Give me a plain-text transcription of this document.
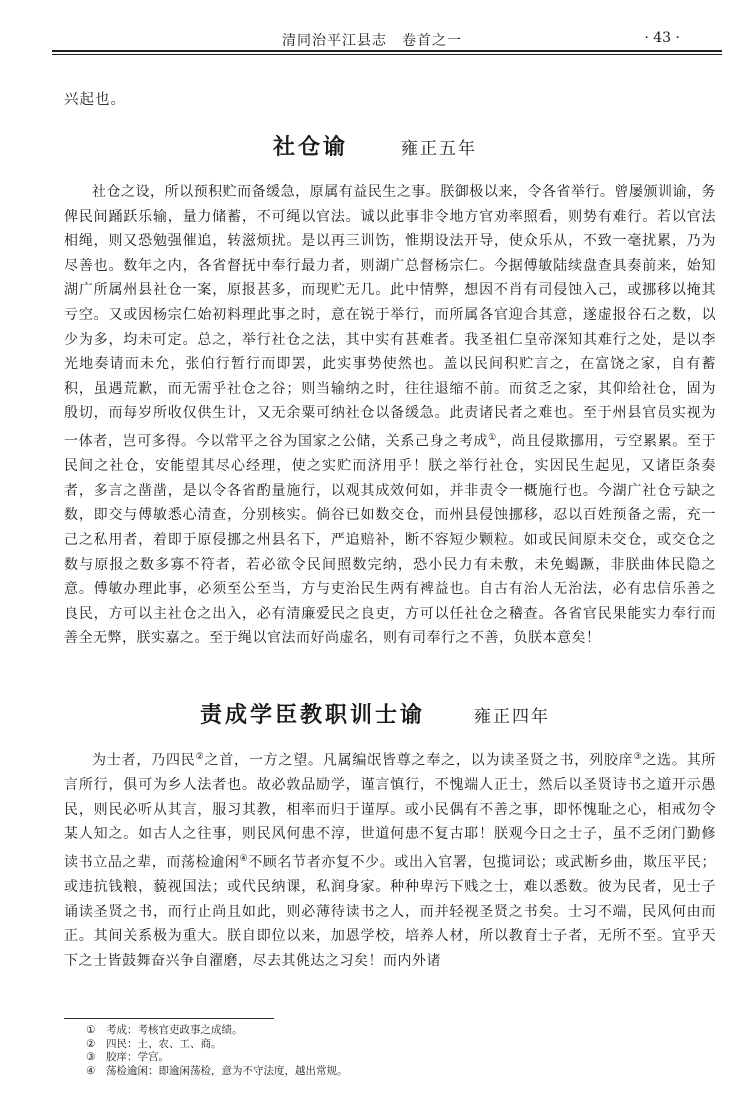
清同治平江县志　卷首之一	· 43 ·
兴起也。
社仓谕	雍正五年
社仓之设，所以预积贮而备缓急，原属有益民生之事。朕御极以来，令各省举行。曾屡颁训谕，务俾民间踊跃乐输，量力储蓄，不可绳以官法。诚以此事非令地方官劝率照看，则势有难行。若以官法相绳，则又恐勉强催追，转滋烦扰。是以再三训饬，惟期设法开导，使众乐从，不致一毫扰累，乃为尽善也。数年之内，各省督抚中奉行最力者，则湖广总督杨宗仁。今据傅敏陆续盘查具奏前来，始知湖广所属州县社仓一案，原报甚多，而现贮无几。此中情弊，想因不肖有司侵蚀入己，或挪移以掩其亏空。又或因杨宗仁始初料理此事之时，意在锐于举行，而所属各官迎合其意，遂虚报谷石之数，以少为多，均未可定。总之，举行社仓之法，其中实有甚难者。我圣祖仁皇帝深知其难行之处，是以李光地奏请而未允，张伯行暂行而即罢，此实事势使然也。盖以民间积贮言之，在富饶之家，自有蓄积，虽遇荒歉，而无需乎社仓之谷；则当输纳之时，往往退缩不前。而贫乏之家，其仰给社仓，固为殷切，而每岁所收仅供生计，又无余粟可纳社仓以备缓急。此责诸民者之难也。至于州县官员实视为一体者，岂可多得。今以常平之谷为国家之公储，关系己身之考成①，尚且侵欺挪用，亏空累累。至于民间之社仓，安能望其尽心经理，使之实贮而济用乎！朕之举行社仓，实因民生起见，又诸臣条奏者，多言之凿凿，是以令各省酌量施行，以观其成效何如，并非责令一概施行也。今湖广社仓亏缺之数，即交与傅敏悉心清查，分别核实。倘谷已如数交仓，而州县侵蚀挪移，忍以百姓预备之需，充一己之私用者，着即于原侵挪之州县名下，严追赔补，断不容短少颗粒。如或民间原未交仓，或交仓之数与原报之数多寡不符者，若必欲令民间照数完纳，恐小民力有未敷，未免蝎蹶，非朕曲体民隐之意。傅敏办理此事，必须至公至当，方与吏治民生两有裨益也。自古有治人无治法，必有忠信乐善之良民，方可以主社仓之出入，必有清廉爱民之良吏，方可以任社仓之稽查。各省官民果能实力奉行而善全无弊，朕实嘉之。至于绳以官法而好尚虚名，则有司奉行之不善，负朕本意矣！
责成学臣教职训士谕	雍正四年
为士者，乃四民②之首，一方之望。凡属编氓皆尊之奉之，以为读圣贤之书，列胶庠③之选。其所言所行，俱可为乡人法者也。故必敦品励学，谨言慎行，不愧端人正士，然后以圣贤诗书之道开示愚民，则民必听从其言，服习其教，相率而归于谨厚。或小民偶有不善之事，即怀愧耻之心，相戒勿令某人知之。如古人之往事，则民风何患不淳，世道何患不复古耶！朕观今日之士子，虽不乏闭门勤修读书立品之辈，而荡检逾闲④不顾名节者亦复不少。或出入官署，包揽词讼；或武断乡曲，欺压平民；或违抗钱粮，藐视国法；或代民纳课，私润身家。种种卑污下贱之士，难以悉数。彼为民者，见士子诵读圣贤之书，而行止尚且如此，则必薄待读书之人，而并轻视圣贤之书矣。士习不端，民风何由而正。其间关系极为重大。朕自即位以来，加恩学校，培养人材，所以教育士子者，无所不至。宜乎天下之士皆鼓舞奋兴争自濯磨，尽去其佻达之习矣！而内外诸
① 考成：考核官吏政事之成绩。
② 四民：士、农、工、商。
③ 胶庠：学宫。
④ 荡检逾闲：即逾闲荡检，意为不守法度，越出常规。
